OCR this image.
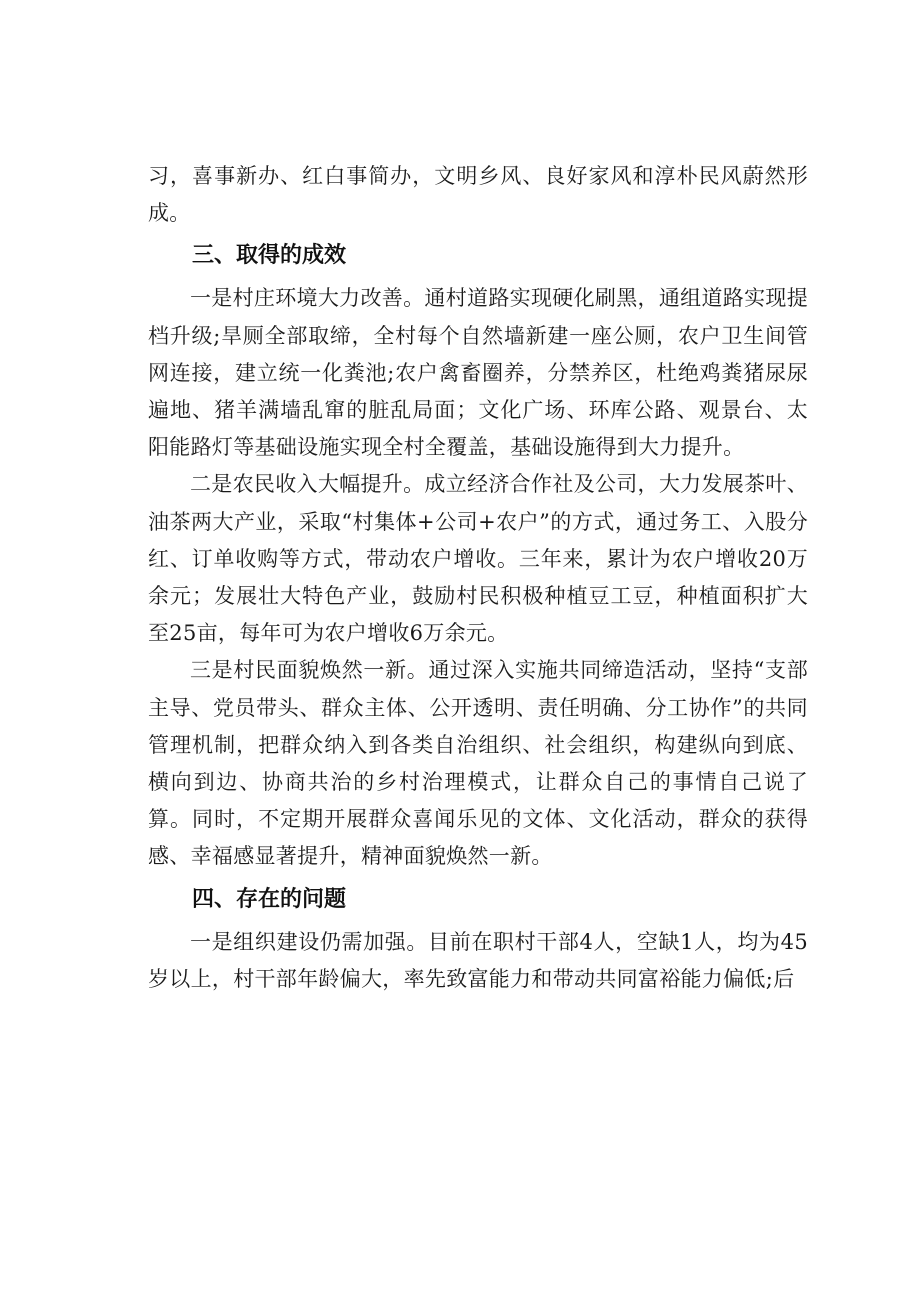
习，喜事新办、红白事简办，文明乡风、良好家风和淳朴民风蔚然形成。

三、取得的成效

一是村庄环境大力改善。通村道路实现硬化刷黑，通组道路实现提档升级;旱厕全部取缔，全村每个自然墙新建一座公厕，农户卫生间管网连接，建立统一化粪池;农户禽畜圈养，分禁养区，杜绝鸡粪猪尿尿遍地、猪羊满墙乱窜的脏乱局面；文化广场、环库公路、观景台、太阳能路灯等基础设施实现全村全覆盖，基础设施得到大力提升。

二是农民收入大幅提升。成立经济合作社及公司，大力发展茶叶、油茶两大产业，采取“村集体+公司+农户”的方式，通过务工、入股分红、订单收购等方式，带动农户增收。三年来，累计为农户增收20万余元；发展壮大特色产业，鼓励村民积极种植豆工豆，种植面积扩大至25亩，每年可为农户增收6万余元。

三是村民面貌焕然一新。通过深入实施共同缔造活动，坚持“支部主导、党员带头、群众主体、公开透明、责任明确、分工协作”的共同管理机制，把群众纳入到各类自治组织、社会组织，构建纵向到底、横向到边、协商共治的乡村治理模式，让群众自己的事情自己说了算。同时，不定期开展群众喜闻乐见的文体、文化活动，群众的获得感、幸福感显著提升，精神面貌焕然一新。

四、存在的问题

一是组织建设仍需加强。目前在职村干部4人，空缺1人，均为45岁以上，村干部年龄偏大，率先致富能力和带动共同富裕能力偏低;后
